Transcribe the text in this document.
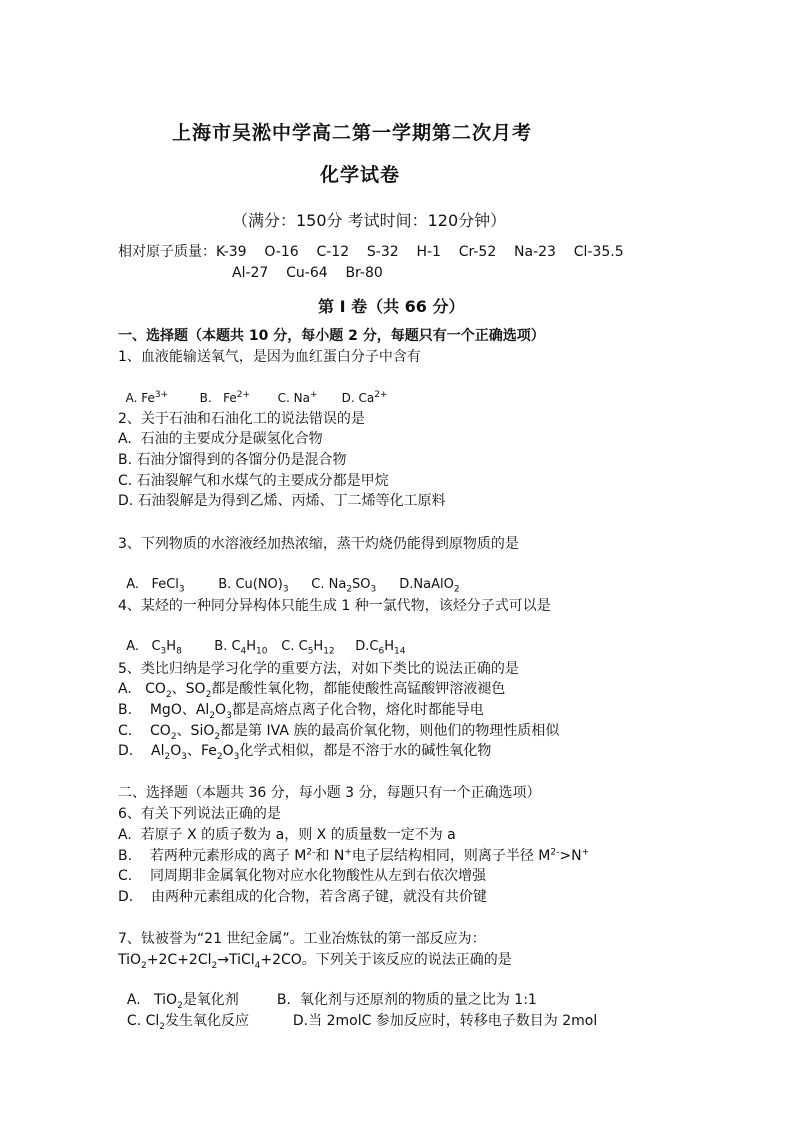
上海市吴淞中学高二第一学期第二次月考
化学试卷
（满分：150分 考试时间：120分钟）
相对原子质量：K-39    O-16    C-12    S-32    H-1    Cr-52    Na-23    Cl-35.5
Al-27    Cu-64    Br-80
第 I 卷（共 66 分）
一、选择题（本题共 10 分，每小题 2 分，每题只有一个正确选项）
1、血液能输送氧气，是因为血红蛋白分子中含有

A. $Fe^{3+}$	B.   $Fe^{2+}$ C. Na+ D. $Ca^{2+}$

2、关于石油和石油化工的说法错误的是
A.  石油的主要成分是碳氢化合物
B. 石油分馏得到的各馏分仍是混合物
C. 石油裂解气和水煤气的主要成分都是甲烷
D. 石油裂解是为得到乙烯、丙烯、丁二烯等化工原料
3、下列物质的水溶液经加热浓缩，蒸干灼烧仍能得到原物质的是

A.   FeCl$_3$	B. $Cu(NO)_3$ C. $Na_2SO_3$ D.NaAlO$_2$

4、某烃的一种同分异构体只能生成 1 种一氯代物，该烃分子式可以是

A.   $C_3H_8$ B. $C_4H_{10}$ C. $C_5H_{12}$ $D.C_6H_{14}$

5、类比归纳是学习化学的重要方法，对如下类比的说法正确的是
A.   $CO_2$、$SO_2$都是酸性氧化物，都能使酸性高锰酸钾溶液褪色
B.    MgO、$Al_2O_3$都是高熔点离子化合物，熔化时都能导电
C.    $CO_2$、SiO$_2$都是第 IVA 族的最高价氧化物，则他们的物理性质相似
D.    $Al_2O_3$、$Fe_2O_3$化学式相似，都是不溶于水的碱性氧化物
二、选择题（本题共 36 分，每小题 3 分，每题只有一个正确选项）
6、有关下列说法正确的是
A.  若原子 X 的质子数为 a，则 X 的质量数一定不为 a
B.    若两种元素形成的离子 $M^{2-}$和 N+电子层结构相同，则离子半径 $M^{2-}>N^+$
C.    同周期非金属氧化物对应水化物酸性从左到右依次增强
D.    由两种元素组成的化合物，若含离子键，就没有共价键
7、钛被誉为“21 世纪金属”。工业冶炼钛的第一部反应为：
$TiO_2+2C+2Cl_2\to TiCl_4+2CO$。下列关于该反应的说法正确的是

A.   TiO$_2$是氧化剂	B.  氧化剂与还原剂的物质的量之比为 1:1

C. $Cl_2$发生氧化反应	D.当 2molC 参加反应时，转移电子数目为 2mol
